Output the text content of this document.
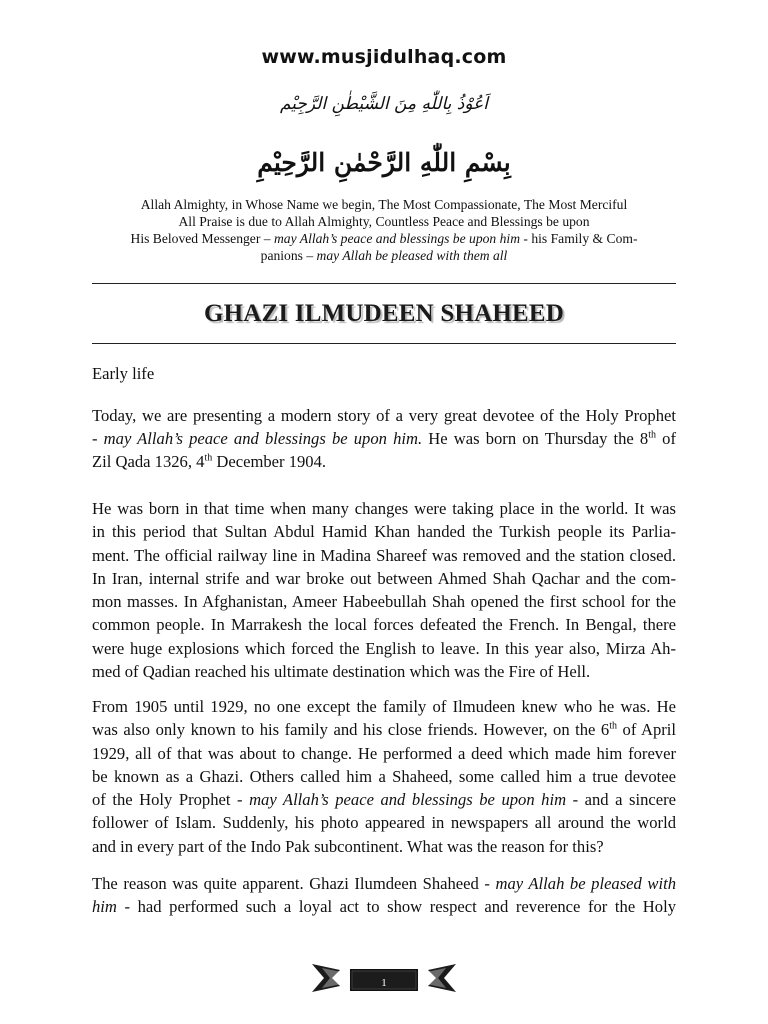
www.musjidulhaq.com
اَعُوْذُ بِاللّٰهِ مِنَ الشَّيْطٰنِ الرَّجِيْم
بِسْمِ اللّٰهِ الرَّحْمٰنِ الرَّحِيْمِ
Allah Almighty, in Whose Name we begin, The Most Compassionate, The Most Merciful
All Praise is due to Allah Almighty, Countless Peace and Blessings be upon
His Beloved Messenger – may Allah’s peace and blessings be upon him - his Family & Com-
panions – may Allah be pleased with them all
GHAZI ILMUDEEN SHAHEED
Early life
Today, we are presenting a modern story of a very great devotee of the Holy Prophet
- may Allah’s peace and blessings be upon him. He was born on Thursday the 8th of
Zil Qada 1326, 4th December 1904.
He was born in that time when many changes were taking place in the world. It was
in this period that Sultan Abdul Hamid Khan handed the Turkish people its Parlia-
ment. The official railway line in Madina Shareef was removed and the station closed.
In Iran, internal strife and war broke out between Ahmed Shah Qachar and the com-
mon masses. In Afghanistan, Ameer Habeebullah Shah opened the first school for the
common people. In Marrakesh the local forces defeated the French. In Bengal, there
were huge explosions which forced the English to leave. In this year also, Mirza Ah-
med of Qadian reached his ultimate destination which was the Fire of Hell.
From 1905 until 1929, no one except the family of Ilmudeen knew who he was. He
was also only known to his family and his close friends. However, on the 6th of April
1929, all of that was about to change. He performed a deed which made him forever
be known as a Ghazi. Others called him a Shaheed, some called him a true devotee
of the Holy Prophet - may Allah’s peace and blessings be upon him - and a sincere
follower of Islam. Suddenly, his photo appeared in newspapers all around the world
and in every part of the Indo Pak subcontinent. What was the reason for this?
The reason was quite apparent. Ghazi Ilumdeen Shaheed - may Allah be pleased with
him - had performed such a loyal act to show respect and reverence for the Holy
1
